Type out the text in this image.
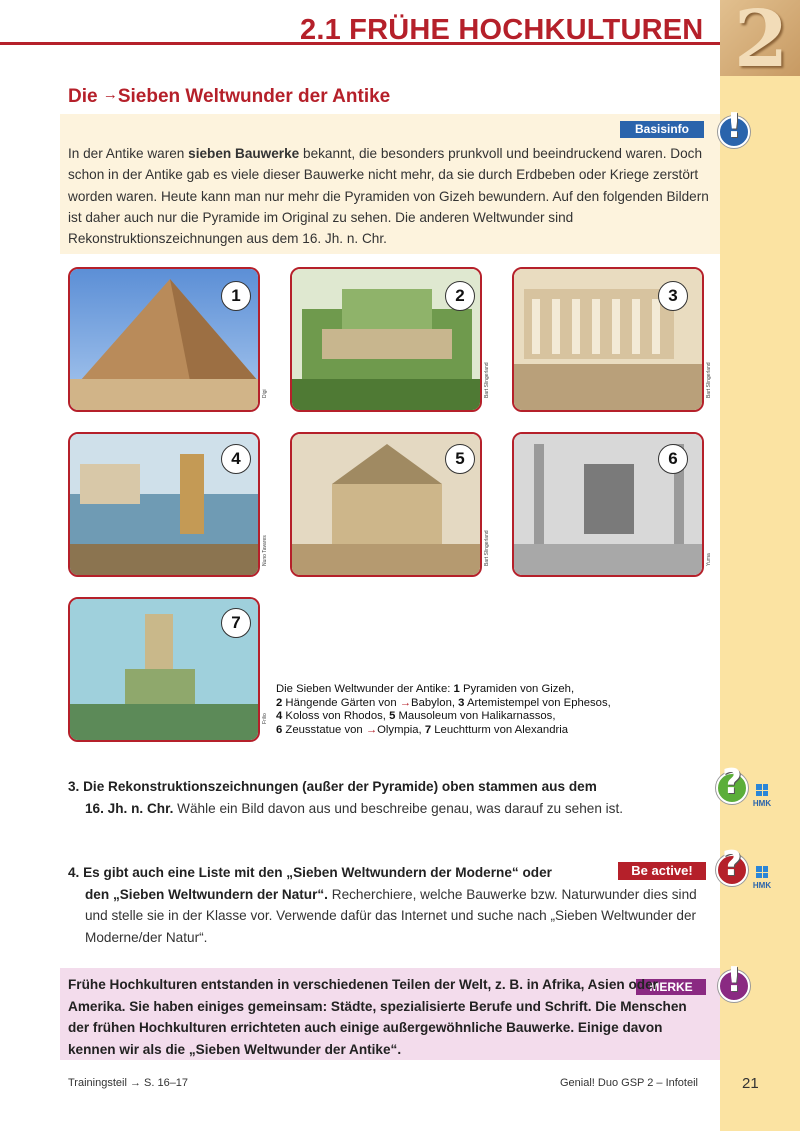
2
2.1 FRÜHE HOCHKULTUREN
Die →Sieben Weltwunder der Antike
Basisinfo	!
In der Antike waren sieben Bauwerke bekannt, die besonders prunkvoll und beeindruckend waren. Doch schon in der Antike gab es viele dieser Bauwerke nicht mehr, da sie durch Erdbeben oder Kriege zerstört worden waren. Heute kann man nur mehr die Pyramiden von Gizeh bewundern. Auf den folgenden Bildern ist daher auch nur die Pyramide im Original zu sehen. Die anderen Weltwunder sind Rekonstruktionszeichnungen aus dem 16. Jh. n. Chr.
1
Digi
2
Bart Slingerland
3
Bart Slingerland
4
Nuno Tavares
5
Bart Slingerland
6
Yuma
7
Frilio
Die Sieben Weltwunder der Antike: 1 Pyramiden von Gizeh,
2 Hängende Gärten von →Babylon, 3 Artemistempel von Ephesos,
4 Koloss von Rhodos, 5 Mausoleum von Halikarnassos,
6 Zeusstatue von →Olympia, 7 Leuchtturm von Alexandria
3. Die Rekonstruktionszeichnungen (außer der Pyramide) oben stammen aus dem
16. Jh. n. Chr. Wähle ein Bild davon aus und beschreibe genau, was darauf zu sehen ist.
?
HMK
4. Es gibt auch eine Liste mit den „Sieben Weltwundern der Moderne“ oder

den „Sieben Weltwundern der Natur“. Recherchiere, welche Bauwerke bzw. Naturwunder dies sind und stelle sie in der Klasse vor. Verwende dafür das Internet und suche nach „Sieben Weltwunder der Moderne/der Natur“.
Be active! ?
HMK
MERKE !
Frühe Hochkulturen entstanden in verschiedenen Teilen der Welt, z. B. in Afrika, Asien oder Amerika. Sie haben einiges gemeinsam: Städte, spezialisierte Berufe und Schrift. Die Menschen der frühen Hochkulturen errichteten auch einige außergewöhnliche Bauwerke. Einige davon kennen wir als die „Sieben Weltwunder der Antike“.
Trainingsteil → S. 16–17	Genial! Duo GSP 2 – Infoteil	21
